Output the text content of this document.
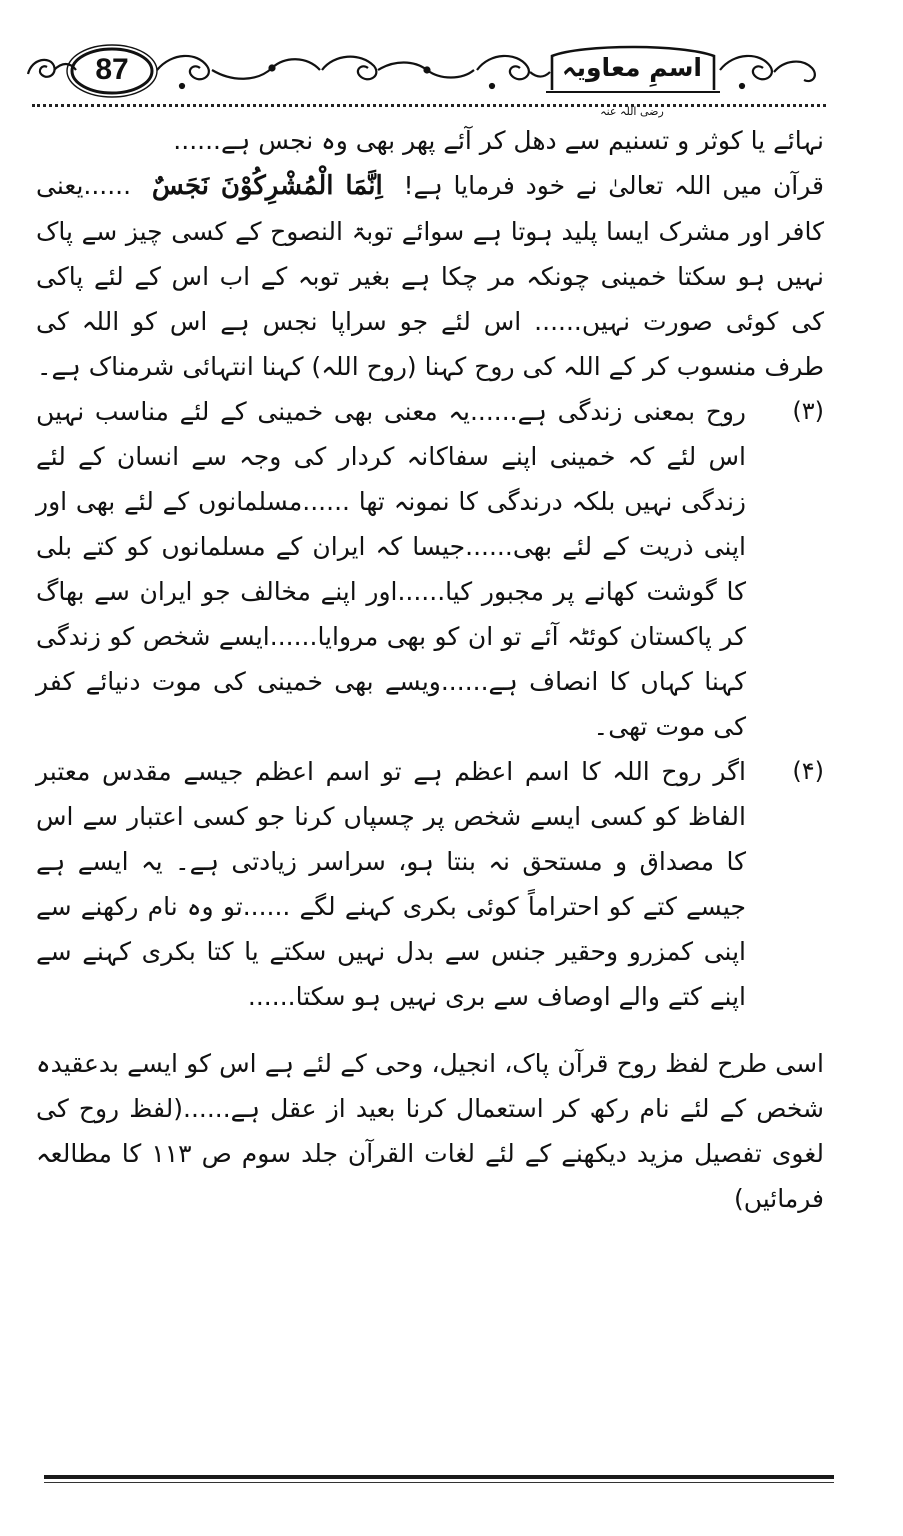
87	اسمِ معاویہ $^{رضی اللہ عنہ}$

نہائے یا کوثر و تسنیم سے دھل کر آئے پھر بھی وہ نجس ہے......

قرآن میں اللہ تعالیٰ نے خود فرمایا ہے! اِنَّمَا الْمُشْرِکُوْنَ نَجَسٌ ......یعنی کافر اور مشرک ایسا پلید ہوتا ہے سوائے توبۃ النصوح کے کسی چیز سے پاک نہیں ہو سکتا خمینی چونکہ مر چکا ہے بغیر توبہ کے اب اس کے لئے پاکی کی کوئی صورت نہیں...... اس لئے جو سراپا نجس ہے اس کو اللہ کی طرف منسوب کر کے اللہ کی روح کہنا (روح اللہ) کہنا انتہائی شرمناک ہے۔

(۳)

روح بمعنی زندگی ہے......یہ معنی بھی خمینی کے لئے مناسب نہیں اس لئے کہ خمینی اپنے سفاکانہ کردار کی وجہ سے انسان کے لئے زندگی نہیں بلکہ درندگی کا نمونہ تھا ......مسلمانوں کے لئے بھی اور اپنی ذریت کے لئے بھی......جیسا کہ ایران کے مسلمانوں کو کتے بلی کا گوشت کھانے پر مجبور کیا......اور اپنے مخالف جو ایران سے بھاگ کر پاکستان کوئٹہ آئے تو ان کو بھی مروایا......ایسے شخص کو زندگی کہنا کہاں کا انصاف ہے......ویسے بھی خمینی کی موت دنیائے کفر کی موت تھی۔

(۴)

اگر روح اللہ کا اسم اعظم ہے تو اسم اعظم جیسے مقدس معتبر الفاظ کو کسی ایسے شخص پر چسپاں کرنا جو کسی اعتبار سے اس کا مصداق و مستحق نہ بنتا ہو، سراسر زیادتی ہے۔ یہ ایسے ہے جیسے کتے کو احتراماً کوئی بکری کہنے لگے ......تو وہ نام رکھنے سے اپنی کمزرو وحقیر جنس سے بدل نہیں سکتے یا کتا بکری کہنے سے اپنے کتے والے اوصاف سے بری نہیں ہو سکتا......

اسی طرح لفظ روح قرآن پاک، انجیل، وحی کے لئے ہے اس کو ایسے بدعقیدہ شخص کے لئے نام رکھ کر استعمال کرنا بعید از عقل ہے......(لفظ روح کی لغوی تفصیل مزید دیکھنے کے لئے لغات القرآن جلد سوم ص ۱۱۳ کا مطالعہ فرمائیں)
